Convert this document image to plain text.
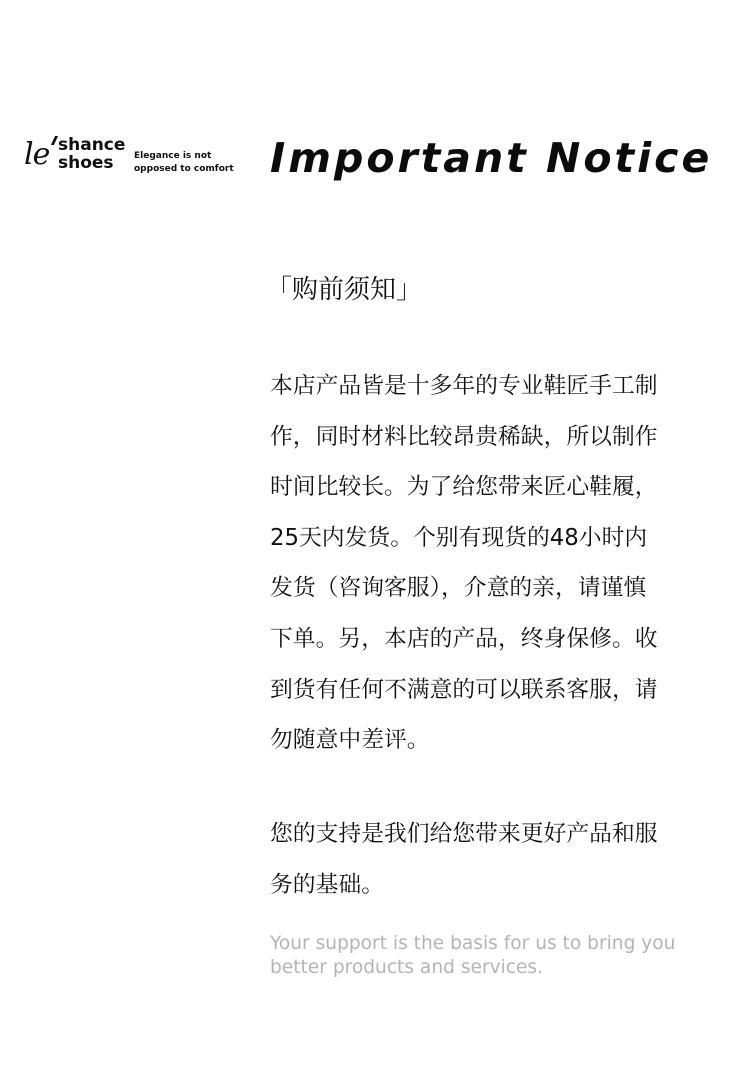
le shance
shoes	Elegance is not
opposed to comfort Important Notice
「购前须知」
本店产品皆是十多年的专业鞋匠手工制
作，同时材料比较昂贵稀缺，所以制作
时间比较长。为了给您带来匠心鞋履，
25天内发货。个别有现货的48小时内
发货（咨询客服），介意的亲，请谨慎
下单。另，本店的产品，终身保修。收
到货有任何不满意的可以联系客服，请
勿随意中差评。
您的支持是我们给您带来更好产品和服
务的基础。
Your support is the basis for us to bring you
better products and services.
